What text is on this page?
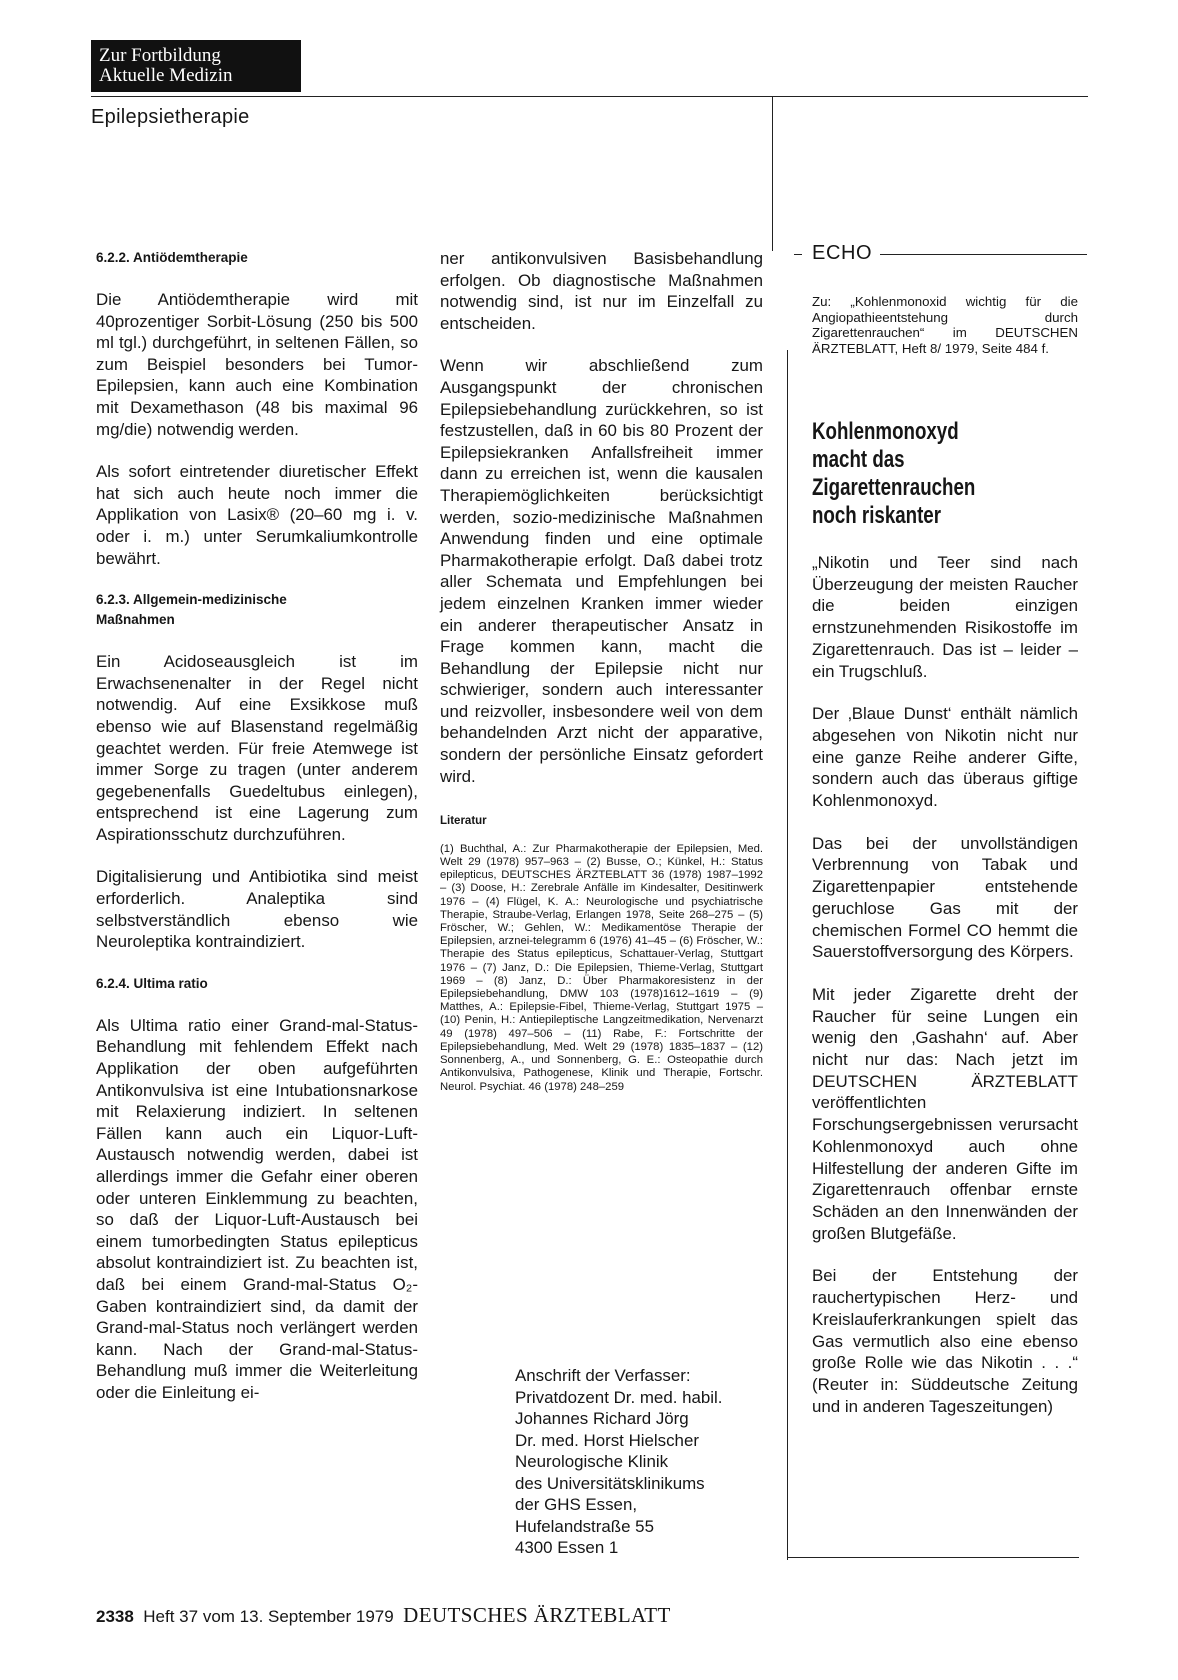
Zur Fortbildung
Aktuelle Medizin
Epilepsietherapie
6.2.2. Antiödemtherapie

Die Antiödemtherapie wird mit 40prozentiger Sorbit-Lösung (250 bis 500 ml tgl.) durchgeführt, in seltenen Fällen, so zum Beispiel besonders bei Tumor-Epilepsien, kann auch eine Kombination mit Dexamethason (48 bis maximal 96 mg/die) notwendig werden.

Als sofort eintretender diuretischer Effekt hat sich auch heute noch immer die Applikation von Lasix® (20–60 mg i. v. oder i. m.) unter Serumkaliumkontrolle bewährt.

6.2.3. Allgemein-medizinische Maßnahmen

Ein Acidoseausgleich ist im Erwachsenenalter in der Regel nicht notwendig. Auf eine Exsikkose muß ebenso wie auf Blasenstand regelmäßig geachtet werden. Für freie Atemwege ist immer Sorge zu tragen (unter anderem gegebenenfalls Guedeltubus einlegen), entsprechend ist eine Lagerung zum Aspirationsschutz durchzuführen.

Digitalisierung und Antibiotika sind meist erforderlich. Analeptika sind selbstverständlich ebenso wie Neuroleptika kontraindiziert.

6.2.4. Ultima ratio

Als Ultima ratio einer Grand-mal-Status-Behandlung mit fehlendem Effekt nach Applikation der oben aufgeführten Antikonvulsiva ist eine Intubationsnarkose mit Relaxierung indiziert. In seltenen Fällen kann auch ein Liquor-Luft-Austausch notwendig werden, dabei ist allerdings immer die Gefahr einer oberen oder unteren Einklemmung zu beachten, so daß der Liquor-Luft-Austausch bei einem tumorbedingten Status epilepticus absolut kontraindiziert ist. Zu beachten ist, daß bei einem Grand-mal-Status O₂-Gaben kontraindiziert sind, da damit der Grand-mal-Status noch verlängert werden kann. Nach der Grand-mal-Status-Behandlung muß immer die Weiterleitung oder die Einleitung ei-

ner antikonvulsiven Basisbehandlung erfolgen. Ob diagnostische Maßnahmen notwendig sind, ist nur im Einzelfall zu entscheiden.

Wenn wir abschließend zum Ausgangspunkt der chronischen Epilepsiebehandlung zurückkehren, so ist festzustellen, daß in 60 bis 80 Prozent der Epilepsiekranken Anfallsfreiheit immer dann zu erreichen ist, wenn die kausalen Therapiemöglichkeiten berücksichtigt werden, sozio-medizinische Maßnahmen Anwendung finden und eine optimale Pharmakotherapie erfolgt. Daß dabei trotz aller Schemata und Empfehlungen bei jedem einzelnen Kranken immer wieder ein anderer therapeutischer Ansatz in Frage kommen kann, macht die Behandlung der Epilepsie nicht nur schwieriger, sondern auch interessanter und reizvoller, insbesondere weil von dem behandelnden Arzt nicht der apparative, sondern der persönliche Einsatz gefordert wird.

Literatur
(1) Buchthal, A.: Zur Pharmakotherapie der Epilepsien, Med. Welt 29 (1978) 957–963 – (2) Busse, O.; Künkel, H.: Status epilepticus, DEUTSCHES ÄRZTEBLATT 36 (1978) 1987–1992 – (3) Doose, H.: Zerebrale Anfälle im Kindesalter, Desitinwerk 1976 – (4) Flügel, K. A.: Neurologische und psychiatrische Therapie, Straube-Verlag, Erlangen 1978, Seite 268–275 – (5) Fröscher, W.; Gehlen, W.: Medikamentöse Therapie der Epilepsien, arznei-telegramm 6 (1976) 41–45 – (6) Fröscher, W.: Therapie des Status epilepticus, Schattauer-Verlag, Stuttgart 1976 – (7) Janz, D.: Die Epilepsien, Thieme-Verlag, Stuttgart 1969 – (8) Janz, D.: Über Pharmakoresistenz in der Epilepsiebehandlung, DMW 103 (1978)1612–1619 – (9) Matthes, A.: Epilepsie-Fibel, Thieme-Verlag, Stuttgart 1975 – (10) Penin, H.: Antiepileptische Langzeitmedikation, Nervenarzt 49 (1978) 497–506 – (11) Rabe, F.: Fortschritte der Epilepsiebehandlung, Med. Welt 29 (1978) 1835–1837 – (12) Sonnenberg, A., und Sonnenberg, G. E.: Osteopathie durch Antikonvulsiva, Pathogenese, Klinik und Therapie, Fortschr. Neurol. Psychiat. 46 (1978) 248–259
Anschrift der Verfasser:
Privatdozent Dr. med. habil.
Johannes Richard Jörg
Dr. med. Horst Hielscher
Neurologische Klinik
des Universitätsklinikums
der GHS Essen,
Hufelandstraße 55
4300 Essen 1
ECHO
Zu: „Kohlenmonoxid wichtig für die Angiopathieentstehung durch Zigarettenrauchen“ im DEUTSCHEN ÄRZTEBLATT, Heft 8/ 1979, Seite 484 f.
Kohlenmonoxyd
macht das
Zigarettenrauchen
noch riskanter

„Nikotin und Teer sind nach Überzeugung der meisten Raucher die beiden einzigen ernstzunehmenden Risikostoffe im Zigarettenrauch. Das ist – leider – ein Trugschluß.

Der ‚Blaue Dunst‘ enthält nämlich abgesehen von Nikotin nicht nur eine ganze Reihe anderer Gifte, sondern auch das überaus giftige Kohlenmonoxyd.

Das bei der unvollständigen Verbrennung von Tabak und Zigarettenpapier entstehende geruchlose Gas mit der chemischen Formel CO hemmt die Sauerstoffversorgung des Körpers.

Mit jeder Zigarette dreht der Raucher für seine Lungen ein wenig den ‚Gashahn‘ auf. Aber nicht nur das: Nach jetzt im DEUTSCHEN ÄRZTEBLATT veröffentlichten Forschungsergebnissen verursacht Kohlenmonoxyd auch ohne Hilfestellung der anderen Gifte im Zigarettenrauch offenbar ernste Schäden an den Innenwänden der großen Blutgefäße.

Bei der Entstehung der rauchertypischen Herz- und Kreislauferkrankungen spielt das Gas vermutlich also eine ebenso große Rolle wie das Nikotin . . .“ (Reuter in: Süddeutsche Zeitung und in anderen Tageszeitungen)

2338 Heft 37 vom 13. September 1979 DEUTSCHES ÄRZTEBLATT
